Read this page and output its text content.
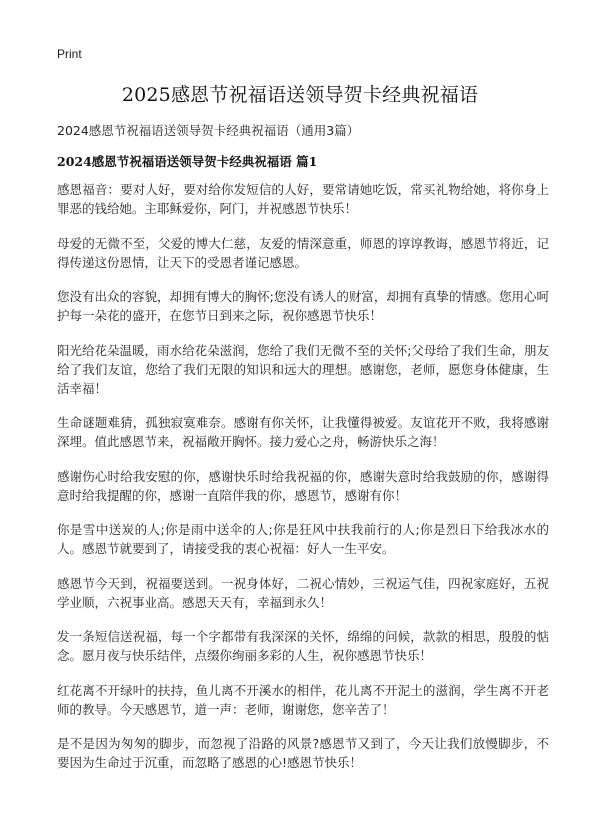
Print
2025感恩节祝福语送领导贺卡经典祝福语
2024感恩节祝福语送领导贺卡经典祝福语（通用3篇）
2024感恩节祝福语送领导贺卡经典祝福语 篇1

感恩福音：要对人好，要对给你发短信的人好，要常请她吃饭，常买礼物给她，将你身上罪恶的钱给她。主耶稣爱你，阿门，并祝感恩节快乐！

母爱的无微不至，父爱的博大仁慈，友爱的情深意重，师恩的谆谆教诲，感恩节将近，记得传递这份恩情，让天下的受恩者谨记感恩。

您没有出众的容貌，却拥有博大的胸怀;您没有诱人的财富，却拥有真挚的情感。您用心呵护每一朵花的盛开，在您节日到来之际，祝你感恩节快乐！

阳光给花朵温暖，雨水给花朵滋润，您给了我们无微不至的关怀;父母给了我们生命，朋友给了我们友谊，您给了我们无限的知识和远大的理想。感谢您，老师，愿您身体健康，生活幸福！

生命谜题难猜，孤独寂寞难奈。感谢有你关怀，让我懂得被爱。友谊花开不败，我将感谢深埋。值此感恩节来，祝福敞开胸怀。接力爱心之舟，畅游快乐之海！

感谢伤心时给我安慰的你，感谢快乐时给我祝福的你，感谢失意时给我鼓励的你，感谢得意时给我提醒的你，感谢一直陪伴我的你，感恩节，感谢有你！

你是雪中送炭的人;你是雨中送伞的人;你是狂风中扶我前行的人;你是烈日下给我冰水的人。感恩节就要到了，请接受我的衷心祝福：好人一生平安。

感恩节今天到，祝福要送到。一祝身体好，二祝心情妙，三祝运气佳，四祝家庭好，五祝学业顺，六祝事业高。感恩天天有，幸福到永久！

发一条短信送祝福，每一个字都带有我深深的关怀，绵绵的问候，款款的相思，殷殷的惦念。愿月夜与快乐结伴，点缀你绚丽多彩的人生，祝你感恩节快乐！

红花离不开绿叶的扶持，鱼儿离不开溪水的相伴，花儿离不开泥土的滋润，学生离不开老师的教导。今天感恩节，道一声：老师，谢谢您，您辛苦了！

是不是因为匆匆的脚步，而忽视了沿路的风景?感恩节又到了，今天让我们放慢脚步，不要因为生命过于沉重，而忽略了感恩的心!感恩节快乐！
